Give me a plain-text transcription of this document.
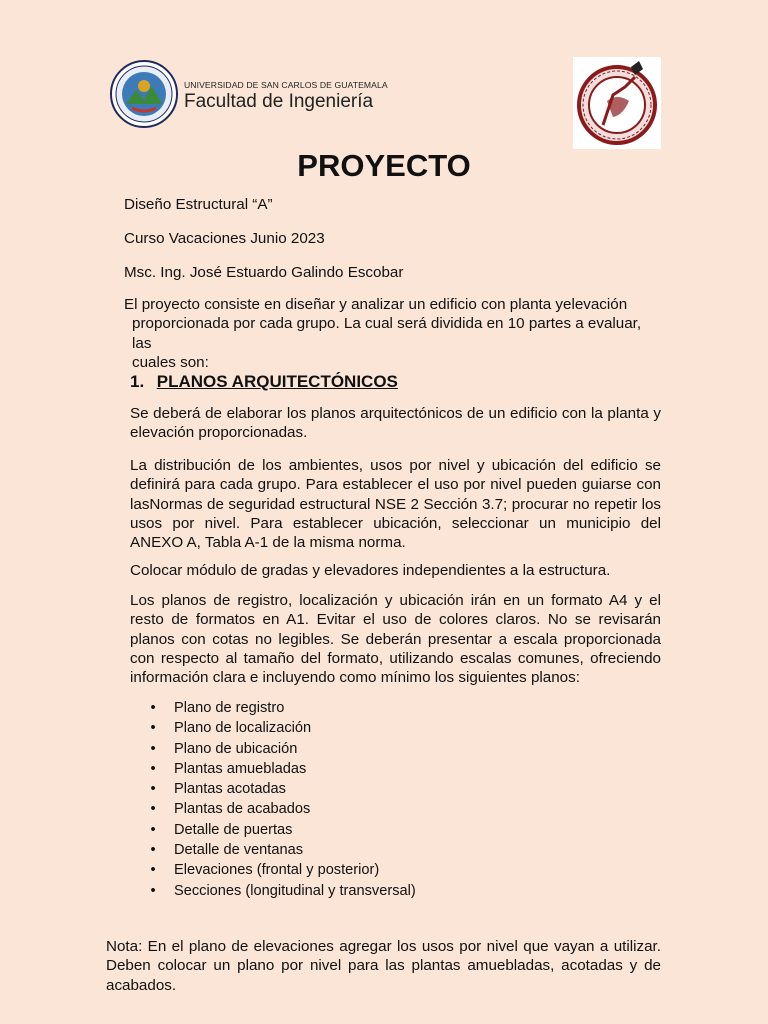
UNIVERSIDAD DE SAN CARLOS DE GUATEMALA
Facultad de Ingeniería
PROYECTO

Diseño Estructural “A”

Curso Vacaciones Junio 2023

Msc. Ing. José Estuardo Galindo Escobar

El proyecto consiste en diseñar y analizar un edificio con planta yelevación
proporcionada por cada grupo. La cual será dividida en 10 partes a evaluar, las
cuales son:
1. PLANOS ARQUITECTÓNICOS

Se deberá de elaborar los planos arquitectónicos de un edificio con la planta y elevación proporcionadas.

La distribución de los ambientes, usos por nivel y ubicación del edificio se definirá para cada grupo. Para establecer el uso por nivel pueden guiarse con lasNormas de seguridad estructural NSE 2 Sección 3.7; procurar no repetir los usos por nivel. Para establecer ubicación, seleccionar un municipio del ANEXO A, Tabla A-1 de la misma norma.

Colocar módulo de gradas y elevadores independientes a la estructura.

Los planos de registro, localización y ubicación irán en un formato A4 y el resto de formatos en A1. Evitar el uso de colores claros. No se revisarán planos con cotas no legibles. Se deberán presentar a escala proporcionada con respecto al tamaño del formato, utilizando escalas comunes, ofreciendo información clara e incluyendo como mínimo los siguientes planos:

• Plano de registro
• Plano de localización
• Plano de ubicación
• Plantas amuebladas
• Plantas acotadas
• Plantas de acabados
• Detalle de puertas
• Detalle de ventanas
• Elevaciones (frontal y posterior)
• Secciones (longitudinal y transversal)

Nota: En el plano de elevaciones agregar los usos por nivel que vayan a utilizar. Deben colocar un plano por nivel para las plantas amuebladas, acotadas y de acabados.
